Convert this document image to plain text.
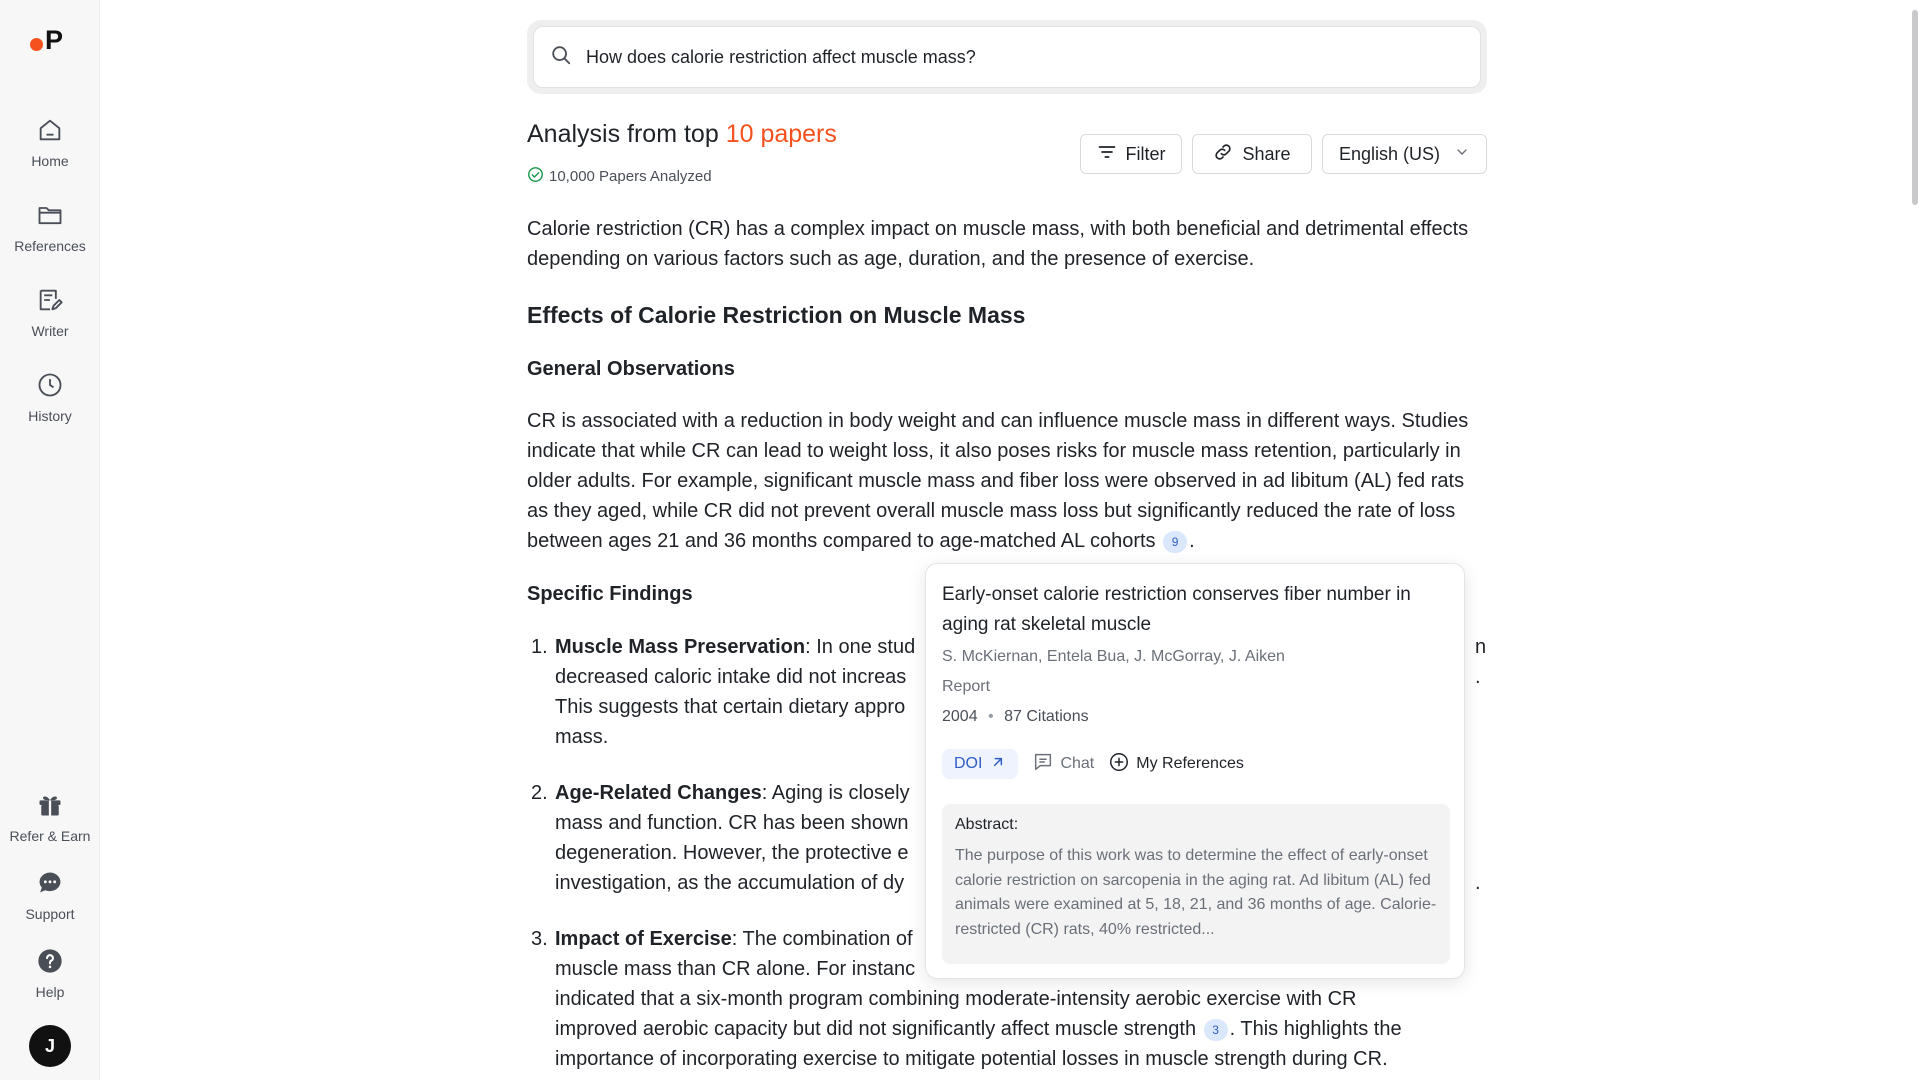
P
Home
References
Writer
History
Refer & Earn
Support
Help
J
How does calorie restriction affect muscle mass?
Analysis from top 10 papers
10,000 Papers Analyzed
Filter	Share	English (US)
Calorie restriction (CR) has a complex impact on muscle mass, with both beneficial and detrimental effects depending on various factors such as age, duration, and the presence of exercise.
Effects of Calorie Restriction on Muscle Mass
General Observations
CR is associated with a reduction in body weight and can influence muscle mass in different ways. Studies indicate that while CR can lead to weight loss, it also poses risks for muscle mass retention, particularly in older adults. For example, significant muscle mass and fiber loss were observed in ad libitum (AL) fed rats as they aged, while CR did not prevent overall muscle mass loss but significantly reduced the rate of loss between ages 21 and 36 months compared to age-matched AL cohorts 9 .
Specific Findings
1. Muscle Mass Preservation: In one stud	n
decreased caloric intake did not increas	.
This suggests that certain dietary appro
mass.
2. Age-Related Changes: Aging is closely
mass and function. CR has been shown
degeneration. However, the protective e
investigation, as the accumulation of dy	.
3. Impact of Exercise: The combination of
muscle mass than CR alone. For instanc
indicated that a six-month program combining moderate-intensity aerobic exercise with CR
improved aerobic capacity but did not significantly affect muscle strength 3 . This highlights the
importance of incorporating exercise to mitigate potential losses in muscle strength during CR.
Early-onset calorie restriction conserves fiber number in aging rat skeletal muscle
S. McKiernan, Entela Bua, J. McGorray, J. Aiken
Report
2004 • 87 Citations
DOI	Chat	My References
Abstract:
The purpose of this work was to determine the effect of early-onset calorie restriction on sarcopenia in the aging rat. Ad libitum (AL) fed animals were examined at 5, 18, 21, and 36 months of age. Calorie-restricted (CR) rats, 40% restricted...
